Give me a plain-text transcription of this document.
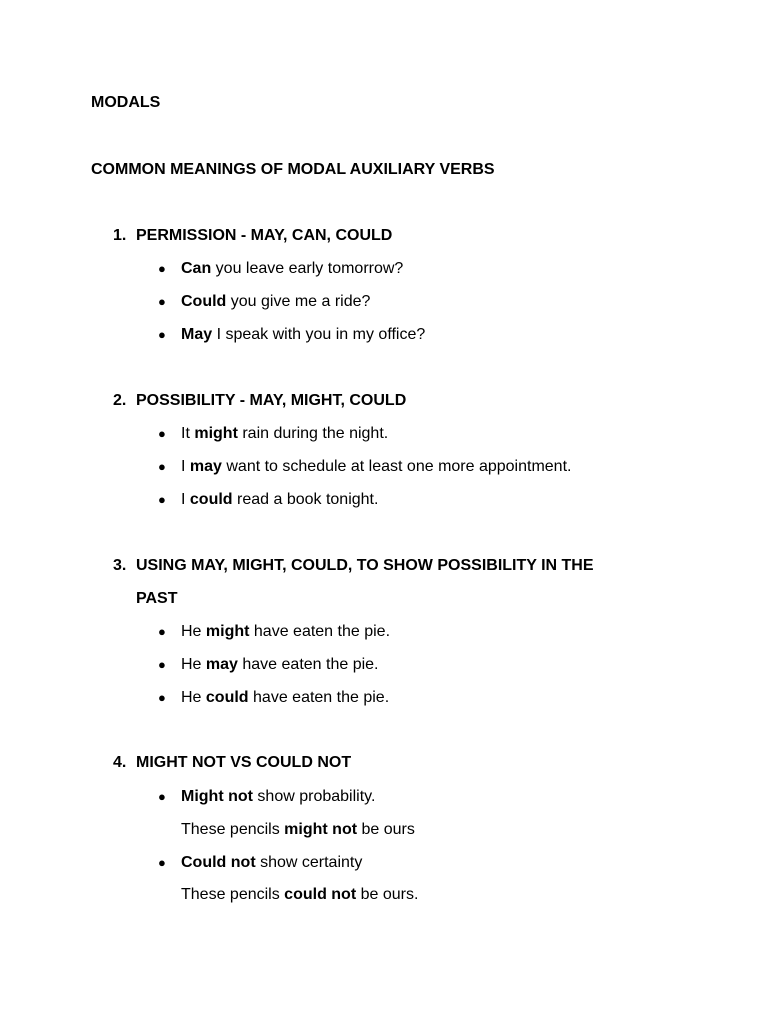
MODALS
COMMON MEANINGS OF MODAL AUXILIARY VERBS
1. PERMISSION - MAY, CAN, COULD
● Can you leave early tomorrow?
● Could you give me a ride?
● May I speak with you in my office?
2. POSSIBILITY - MAY, MIGHT, COULD
● It might rain during the night.
● I may want to schedule at least one more appointment.
● I could read a book tonight.
3. USING MAY, MIGHT, COULD, TO SHOW POSSIBILITY IN THE
PAST
● He might have eaten the pie.
● He may have eaten the pie.
● He could have eaten the pie.
4. MIGHT NOT VS COULD NOT
● Might not show probability.
These pencils might not be ours
● Could not show certainty
These pencils could not be ours.
